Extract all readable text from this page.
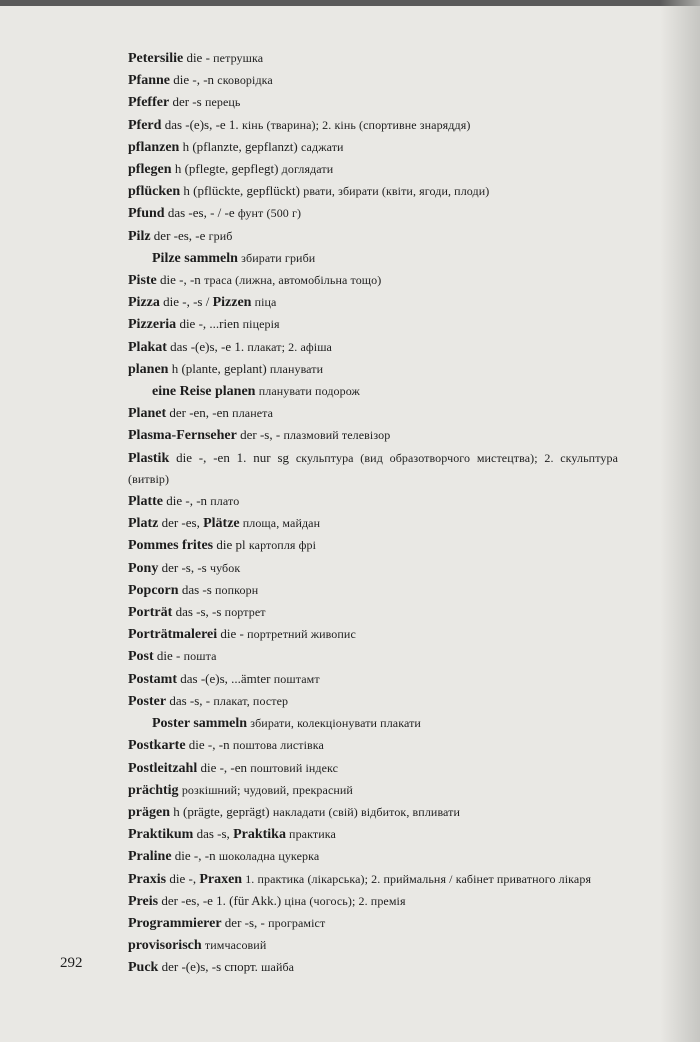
Petersilie die - петрушка
Pfanne die -, -n сковорідка
Pfeffer der -s перець
Pferd das -(e)s, -e 1. кінь (тварина); 2. кінь (спортивне знаряддя)
pflanzen h (pflanzte, gepflanzt) саджати
pflegen h (pflegte, gepflegt) доглядати
pflücken h (pflückte, gepflückt) рвати, збирати (квіти, ягоди, плоди)
Pfund das -es, - / -e фунт (500 г)
Pilz der -es, -e гриб
Pilze sammeln збирати гриби
Piste die -, -n траса (лижна, автомобільна тощо)
Pizza die -, -s / Pizzen піца
Pizzeria die -, ...rien піцерія
Plakat das -(e)s, -e 1. плакат; 2. афіша
planen h (plante, geplant) планувати
eine Reise planen планувати подорож
Planet der -en, -en планета
Plasma-Fernseher der -s, - плазмовий телевізор
Plastik die -, -en 1. nur sg скульптура (вид образотворчого мистецтва); 2. скульптура (витвір)
Platte die -, -n плато
Platz der -es, Plätze площа, майдан
Pommes frites die pl картопля фрі
Pony der -s, -s чубок
Popcorn das -s попкорн
Porträt das -s, -s портрет
Porträtmalerei die - портретний живопис
Post die - пошта
Postamt das -(e)s, ...ämter поштамт
Poster das -s, - плакат, постер
Poster sammeln збирати, колекціонувати плакати
Postkarte die -, -n поштова листівка
Postleitzahl die -, -en поштовий індекс
prächtig розкішний; чудовий, прекрасний
prägen h (prägte, geprägt) накладати (свій) відбиток, впливати
Praktikum das -s, Praktika практика
Praline die -, -n шоколадна цукерка
Praxis die -, Praxen 1. практика (лікарська); 2. приймальня / кабінет приватного лікаря
Preis der -es, -e 1. (für Akk.) ціна (чогось); 2. премія
Programmierer der -s, - програміст
provisorisch тимчасовий
Puck der -(e)s, -s спорт. шайба
292
